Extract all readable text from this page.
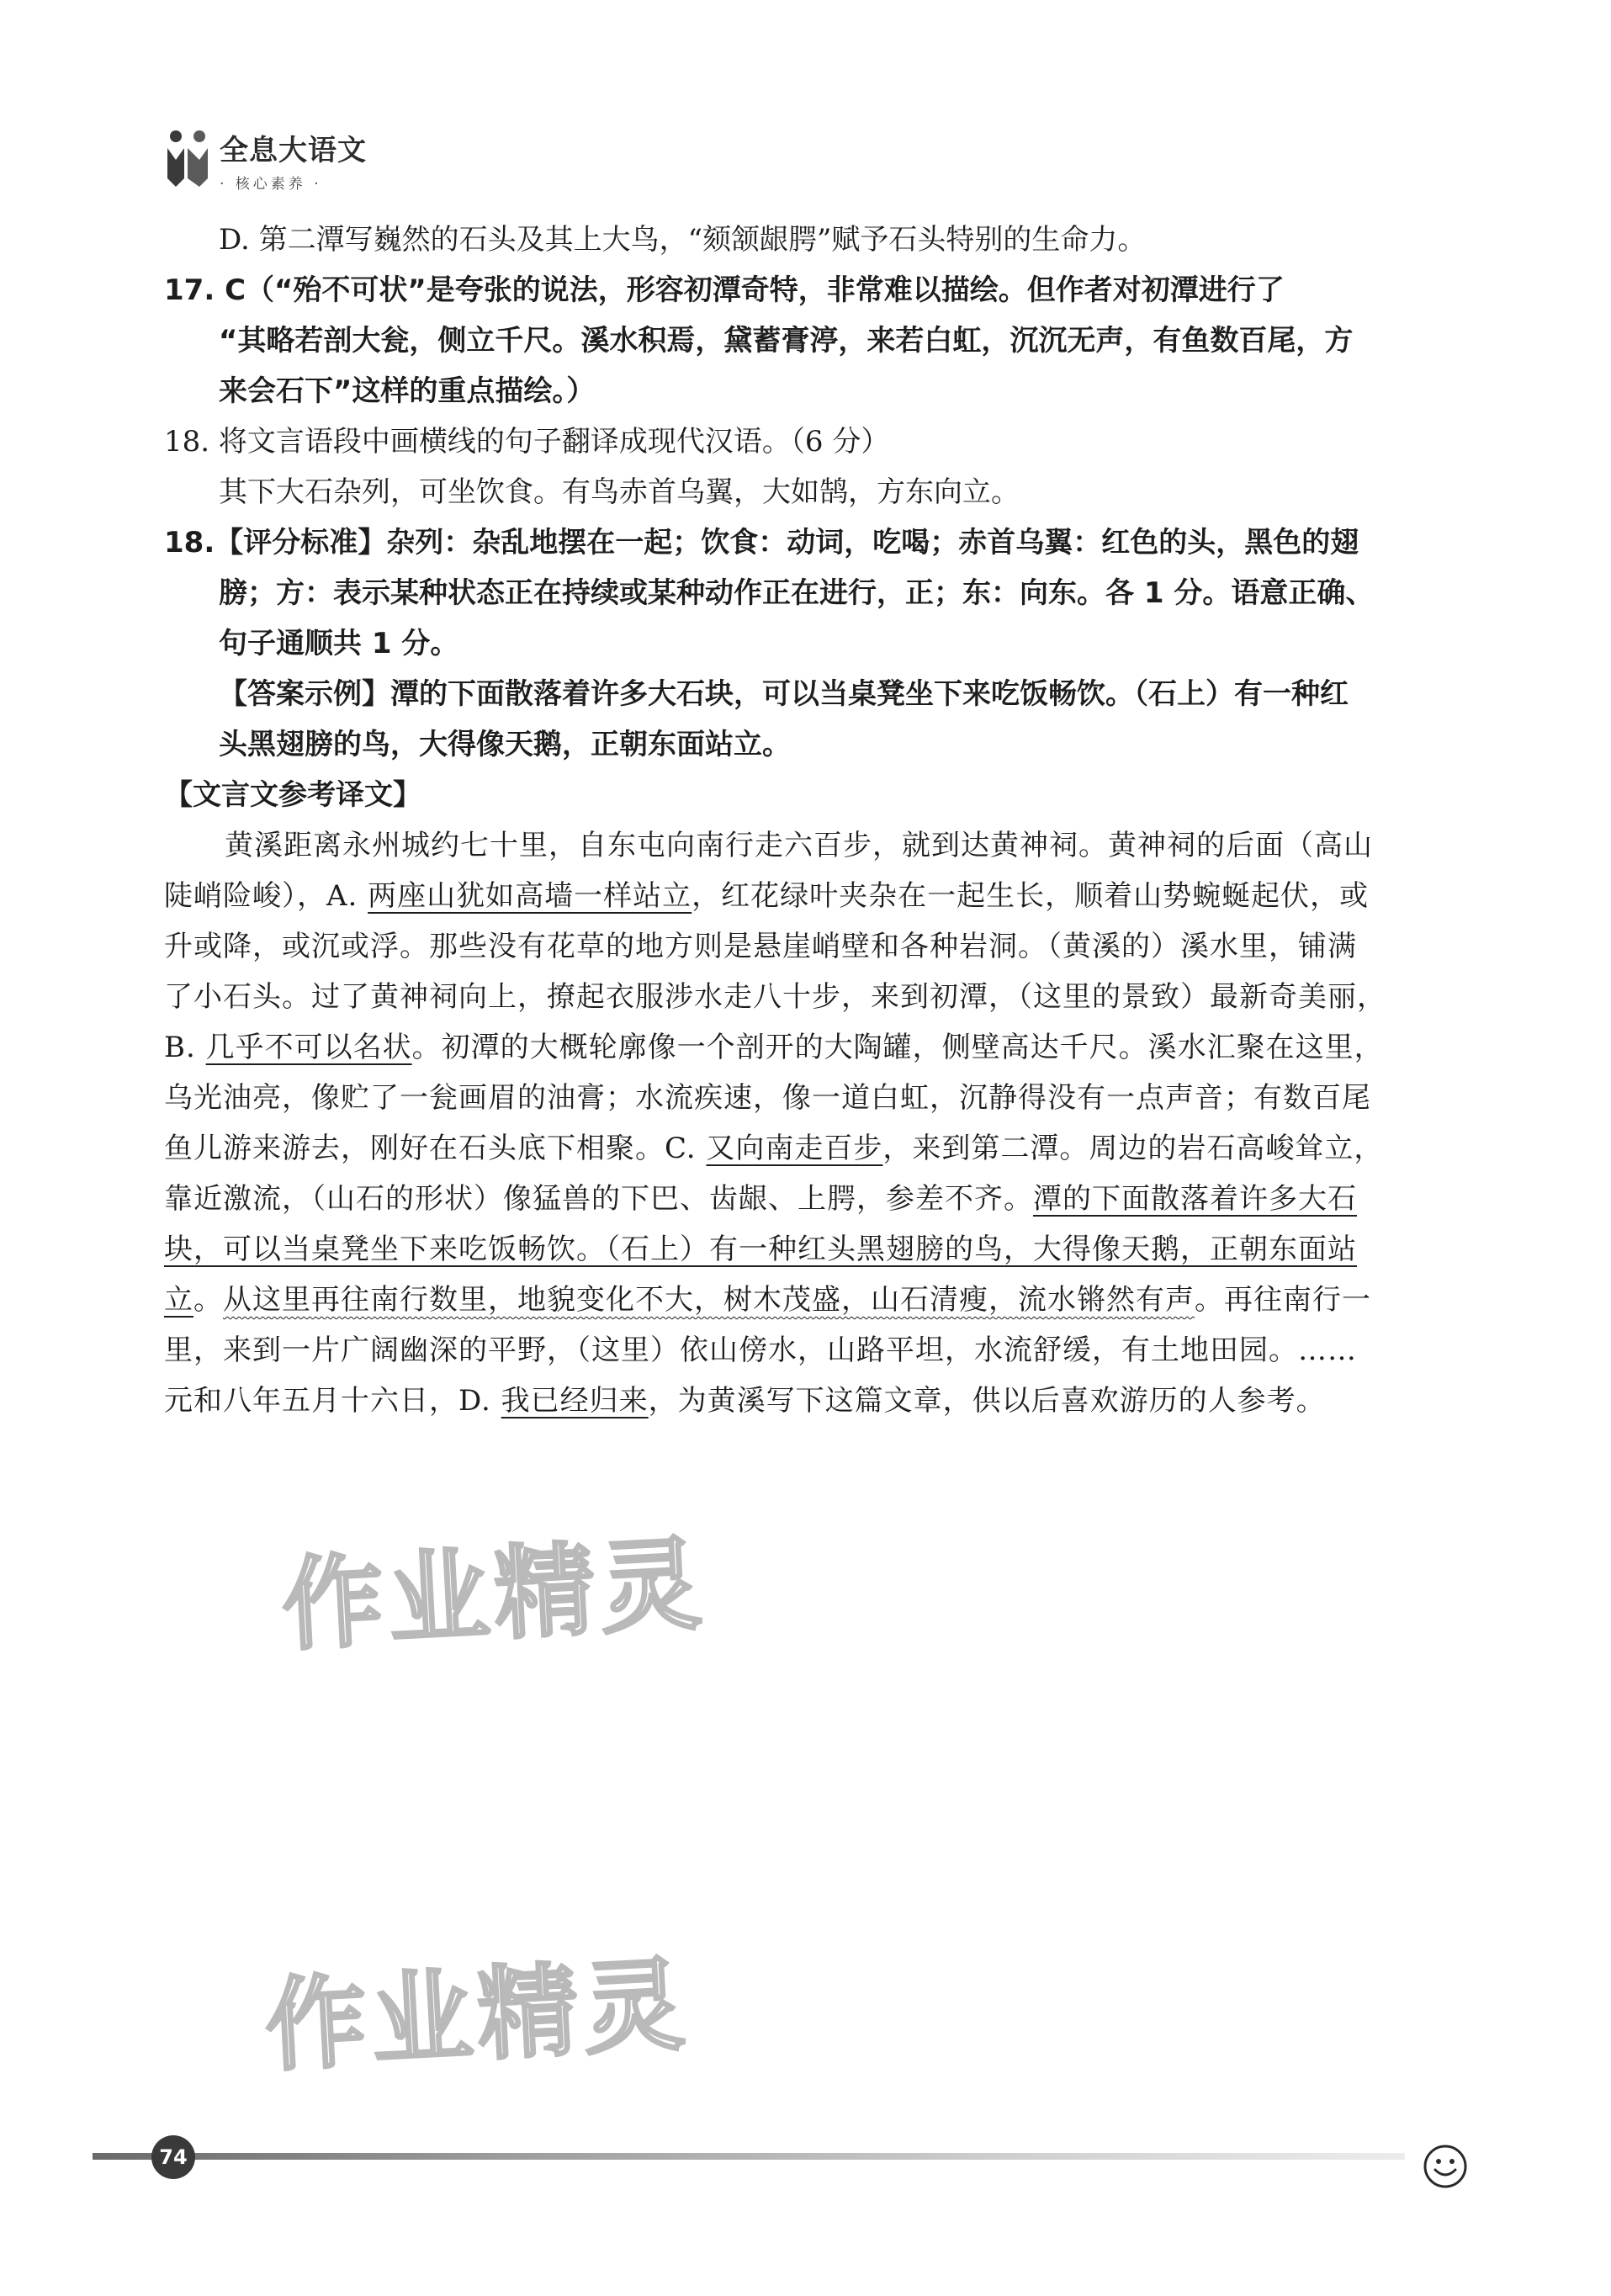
全息大语文
· 核心素养 ·
D. 第二潭写巍然的石头及其上大鸟，“颏颔龈腭”赋予石头特别的生命力。
17. C（“殆不可状”是夸张的说法，形容初潭奇特，非常难以描绘。但作者对初潭进行了
“其略若剖大瓮，侧立千尺。溪水积焉，黛蓄膏渟，来若白虹，沉沉无声，有鱼数百尾，方
来会石下”这样的重点描绘。）
18. 将文言语段中画横线的句子翻译成现代汉语。（6 分）
其下大石杂列，可坐饮食。有鸟赤首乌翼，大如鹄，方东向立。
18.【评分标准】杂列：杂乱地摆在一起；饮食：动词，吃喝；赤首乌翼：红色的头，黑色的翅
膀；方：表示某种状态正在持续或某种动作正在进行，正；东：向东。各 1 分。语意正确、
句子通顺共 1 分。
【答案示例】潭的下面散落着许多大石块，可以当桌凳坐下来吃饭畅饮。（石上）有一种红
头黑翅膀的鸟，大得像天鹅，正朝东面站立。
【文言文参考译文】
黄溪距离永州城约七十里，自东屯向南行走六百步，就到达黄神祠。黄神祠的后面（高山
陡峭险峻），A. 两座山犹如高墙一样站立，红花绿叶夹杂在一起生长，顺着山势蜿蜒起伏，或
升或降，或沉或浮。那些没有花草的地方则是悬崖峭壁和各种岩洞。（黄溪的）溪水里，铺满
了小石头。过了黄神祠向上，撩起衣服涉水走八十步，来到初潭，（这里的景致）最新奇美丽，
B. 几乎不可以名状。初潭的大概轮廓像一个剖开的大陶罐，侧壁高达千尺。溪水汇聚在这里，
乌光油亮，像贮了一瓮画眉的油膏；水流疾速，像一道白虹，沉静得没有一点声音；有数百尾
鱼儿游来游去，刚好在石头底下相聚。C. 又向南走百步，来到第二潭。周边的岩石高峻耸立，
靠近激流，（山石的形状）像猛兽的下巴、齿龈、上腭，参差不齐。潭的下面散落着许多大石
块，可以当桌凳坐下来吃饭畅饮。（石上）有一种红头黑翅膀的鸟，大得像天鹅，正朝东面站
立。从这里再往南行数里，地貌变化不大，树木茂盛，山石清瘦，流水锵然有声。再往南行一
里，来到一片广阔幽深的平野，（这里）依山傍水，山路平坦，水流舒缓，有土地田园。……
元和八年五月十六日，D. 我已经归来，为黄溪写下这篇文章，供以后喜欢游历的人参考。
作业精灵
作业精灵
74
